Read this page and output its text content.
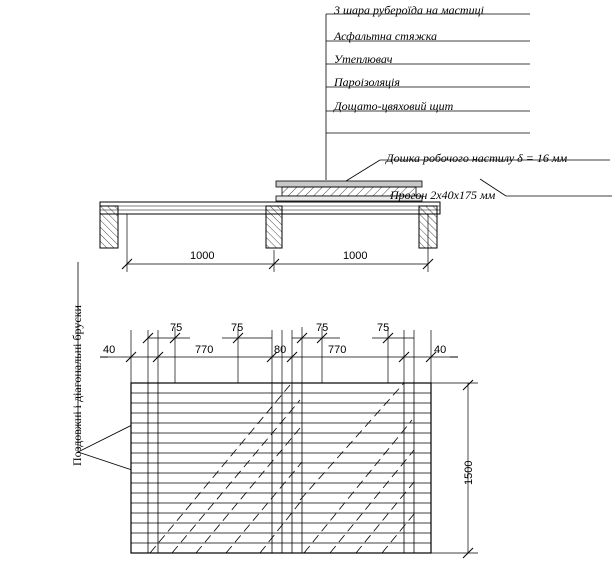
3 шара рубероїда на мастиці
Асфальтна стяжка
Утеплювач
Пароізоляція
Дощато-цвяховий щит
Дошка робочого настилу δ = 16 мм
Прогон 2х40х175 мм
Поздовжні і діагональні бруски
1000	1000
40	770	80	770	40
75	75	75	75
1500
